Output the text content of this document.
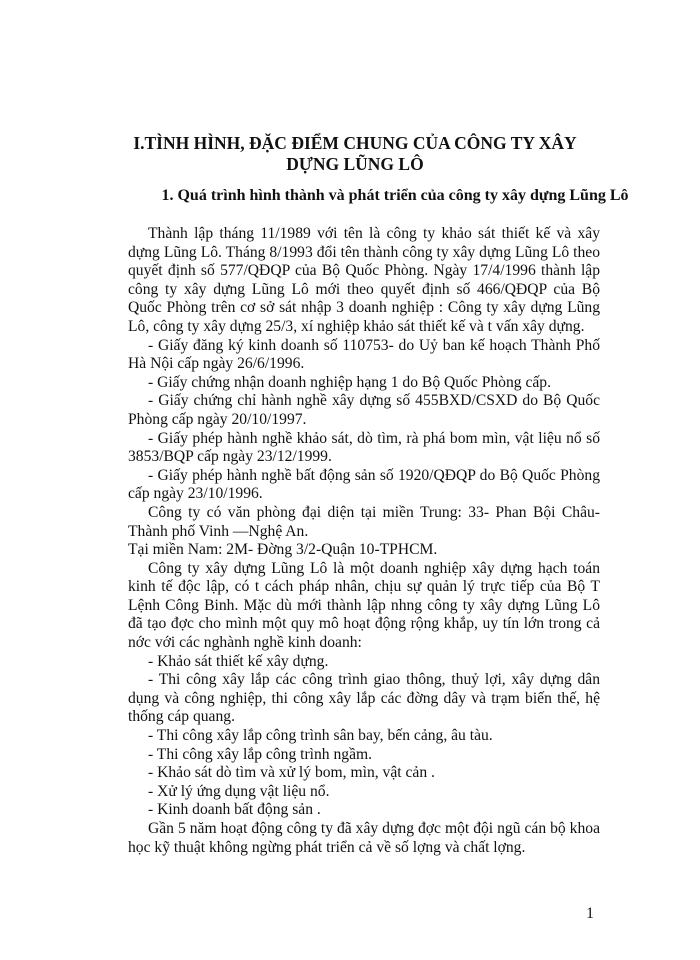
I.TÌNH HÌNH, ĐẶC ĐIỂM CHUNG CỦA CÔNG TY XÂY DỰNG LŨNG LÔ
1. Quá trình hình thành và phát triển của công ty xây dựng Lũng Lô

Thành lập tháng 11/1989 với tên là công ty khảo sát thiết kế và xây dựng Lũng Lô. Tháng 8/1993 đổi tên thành công ty xây dựng Lũng Lô theo quyết định số 577/QĐQP của Bộ Quốc Phòng. Ngày 17/4/1996 thành lập công ty xây dựng Lũng Lô mới theo quyết định số 466/QĐQP của Bộ Quốc Phòng trên cơ sở sát nhập 3 doanh nghiệp : Công ty xây dựng Lũng Lô, công ty xây dựng 25/3, xí nghiệp khảo sát thiết kế và t vấn xây dựng.

- Giấy đăng ký kinh doanh số 110753- do Uỷ ban kế hoạch Thành Phố Hà Nội cấp ngày 26/6/1996.

- Giấy chứng nhận doanh nghiệp hạng 1 do Bộ Quốc Phòng cấp.

- Giấy chứng chỉ hành nghề xây dựng số 455BXD/CSXD do Bộ Quốc Phòng cấp ngày 20/10/1997.

- Giấy phép hành nghề khảo sát, dò tìm, rà phá bom mìn, vật liệu nổ số 3853/BQP cấp ngày 23/12/1999.

- Giấy phép hành nghề bất động sản số 1920/QĐQP do Bộ Quốc Phòng cấp ngày 23/10/1996.

Công ty có văn phòng đại diện tại miền Trung: 33- Phan Bội Châu- Thành phố Vinh —Nghệ An.

Tại miền Nam: 2M- Đờng 3/2-Quận 10-TPHCM.

Công ty xây dựng Lũng Lô là một doanh nghiệp xây dựng hạch toán kinh tế độc lập, có t cách pháp nhân, chịu sự quản lý trực tiếp của Bộ T Lệnh Công Binh. Mặc dù mới thành lập nhng công ty xây dựng Lũng Lô đã tạo đợc cho mình một quy mô hoạt động rộng khắp, uy tín lớn trong cả nớc với các nghành nghề kinh doanh:

- Khảo sát thiết kế xây dựng.

- Thi công xây lắp các công trình giao thông, thuỷ lợi, xây dựng dân dụng và công nghiệp, thi công xây lắp các đờng dây và trạm biến thế, hệ thống cáp quang.

- Thi công xây lắp công trình sân bay, bến cảng, âu tàu.

- Thi công xây lắp công trình ngầm.

- Khảo sát dò tìm và xử lý bom, mìn, vật cản .

- Xử lý ứng dụng vật liệu nổ.

- Kinh doanh bất động sản .

Gần 5 năm hoạt động công ty đã xây dựng đợc một đội ngũ cán bộ khoa học kỹ thuật không ngừng phát triển cả về số lợng và chất lợng.

1
